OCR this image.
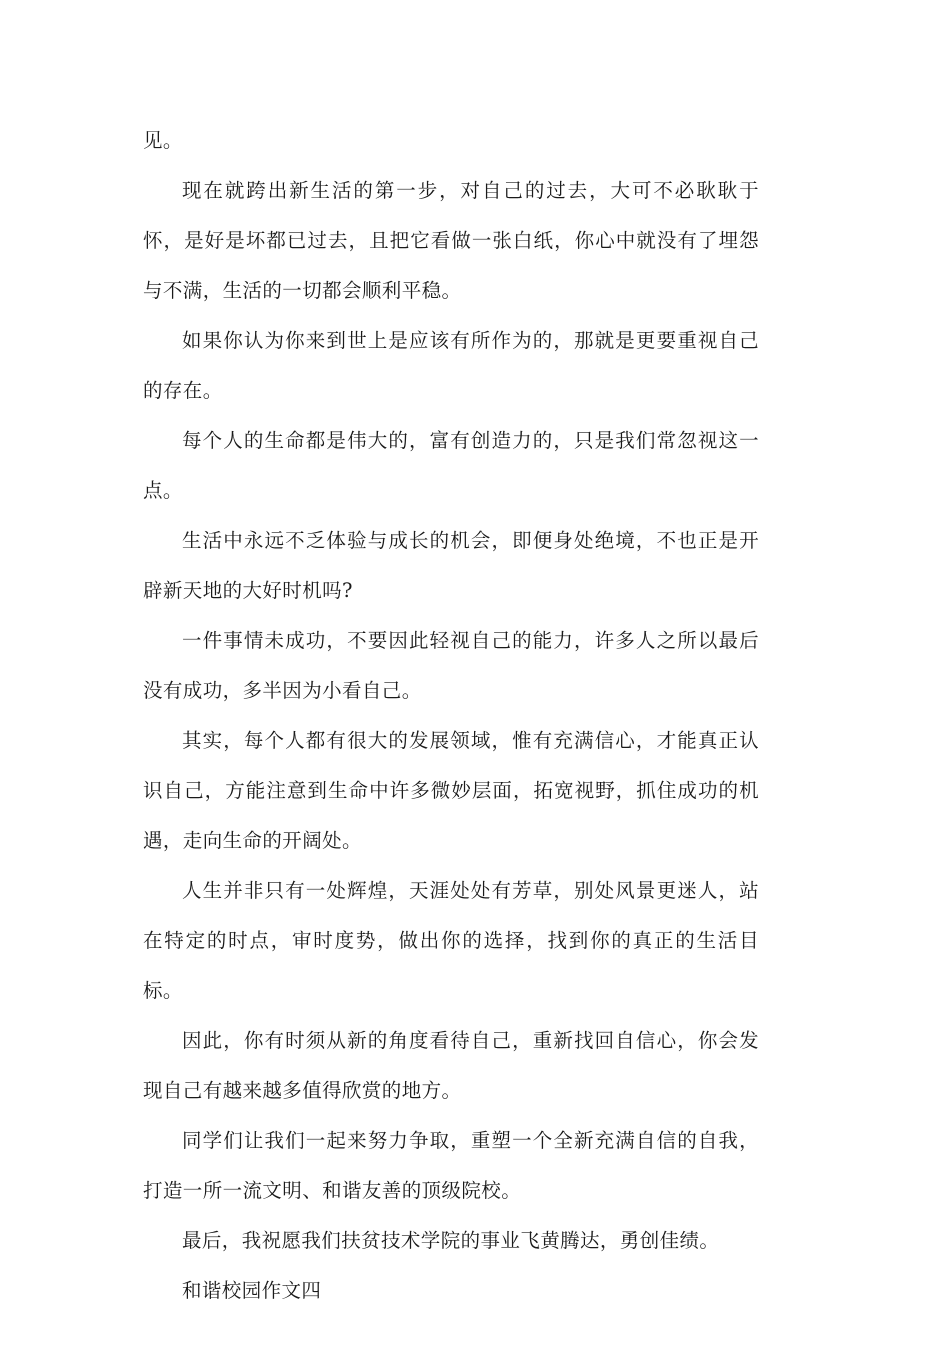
见。

现在就跨出新生活的第一步，对自己的过去，大可不必耿耿于怀，是好是坏都已过去，且把它看做一张白纸，你心中就没有了埋怨与不满，生活的一切都会顺利平稳。

如果你认为你来到世上是应该有所作为的，那就是更要重视自己的存在。

每个人的生命都是伟大的，富有创造力的，只是我们常忽视这一点。

生活中永远不乏体验与成长的机会，即便身处绝境，不也正是开辟新天地的大好时机吗?

一件事情未成功，不要因此轻视自己的能力，许多人之所以最后没有成功，多半因为小看自己。

其实，每个人都有很大的发展领域，惟有充满信心，才能真正认识自己，方能注意到生命中许多微妙层面，拓宽视野，抓住成功的机遇，走向生命的开阔处。

人生并非只有一处辉煌，天涯处处有芳草，别处风景更迷人，站在特定的时点，审时度势，做出你的选择，找到你的真正的生活目标。

因此，你有时须从新的角度看待自己，重新找回自信心，你会发现自己有越来越多值得欣赏的地方。

同学们让我们一起来努力争取，重塑一个全新充满自信的自我，打造一所一流文明、和谐友善的顶级院校。

最后，我祝愿我们扶贫技术学院的事业飞黄腾达，勇创佳绩。

和谐校园作文四
